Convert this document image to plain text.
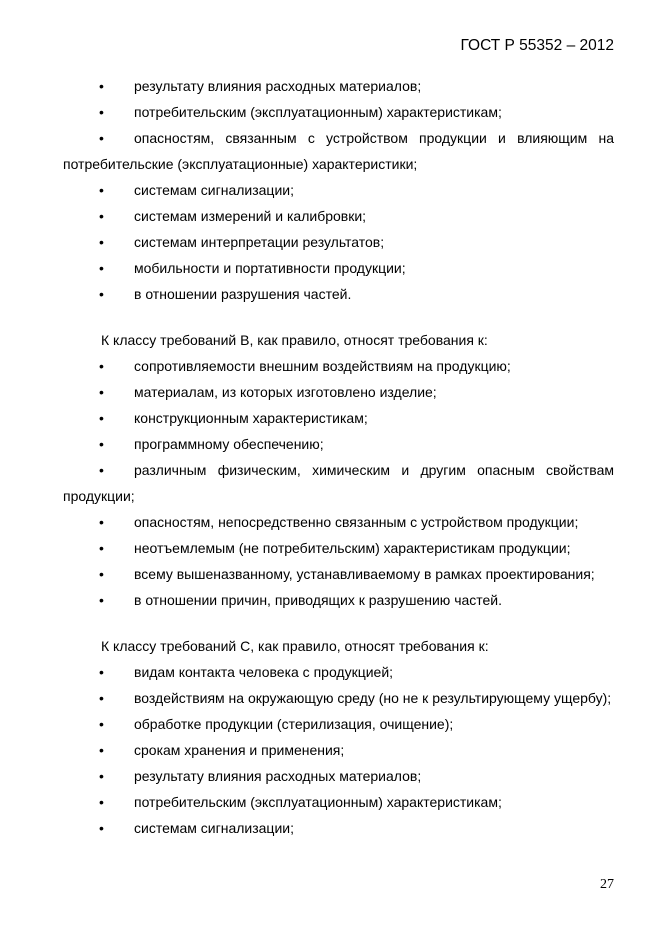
ГОСТ Р 55352 – 2012
• результату влияния расходных материалов;
• потребительским (эксплуатационным) характеристикам;
• опасностям, связанным с устройством продукции и влияющим на потребительские (эксплуатационные) характеристики;
• системам сигнализации;
• системам измерений и калибровки;
• системам интерпретации результатов;
• мобильности и портативности продукции;
• в отношении разрушения частей.
К классу требований В, как правило, относят требования к:
• сопротивляемости внешним воздействиям на продукцию;
• материалам, из которых изготовлено изделие;
• конструкционным характеристикам;
• программному обеспечению;
• различным физическим, химическим и другим опасным свойствам продукции;
• опасностям, непосредственно связанным с устройством продукции;
• неотъемлемым (не потребительским) характеристикам продукции;
• всему вышеназванному, устанавливаемому в рамках проектирования;
• в отношении причин, приводящих к разрушению частей.
К классу требований С, как правило, относят требования к:
• видам контакта человека с продукцией;
• воздействиям на окружающую среду (но не к результирующему ущербу);
• обработке продукции (стерилизация, очищение);
• срокам хранения и применения;
• результату влияния расходных материалов;
• потребительским (эксплуатационным) характеристикам;
• системам сигнализации;
27
